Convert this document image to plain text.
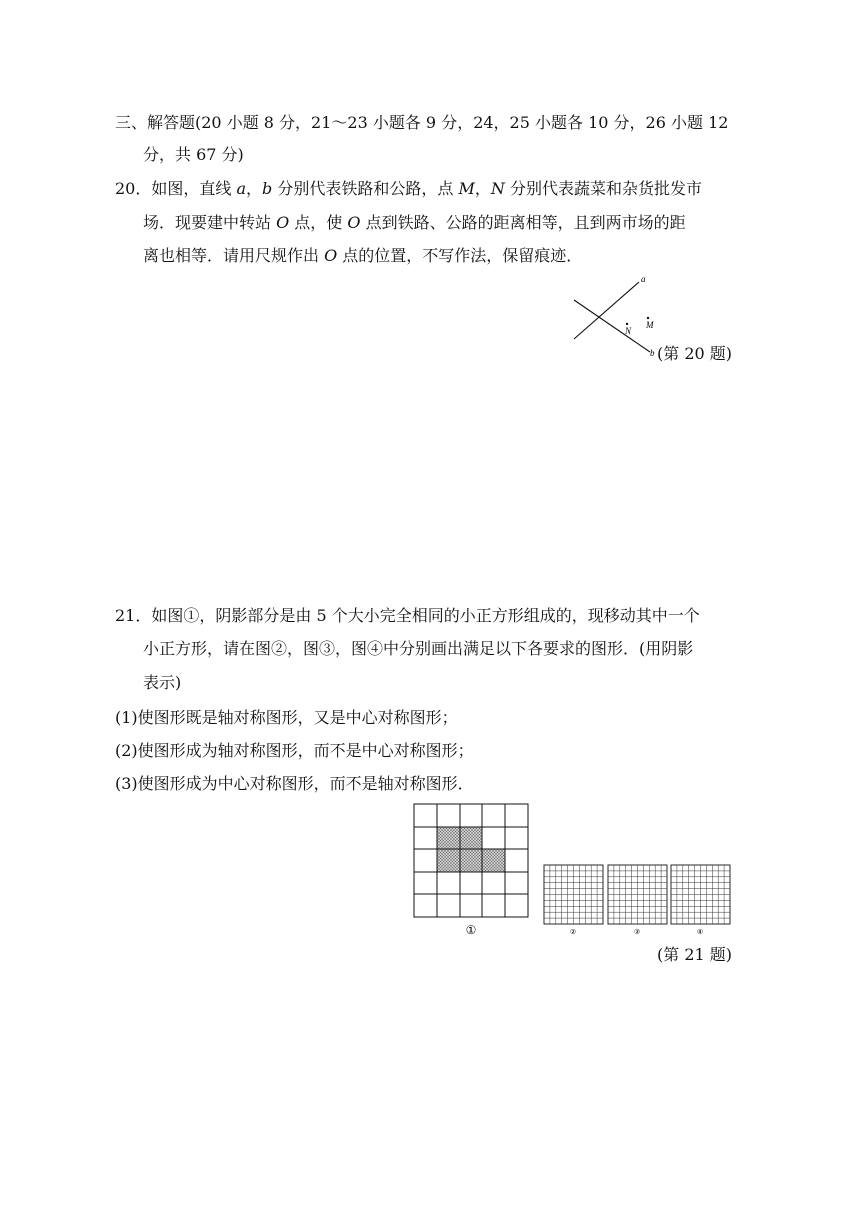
三、解答题(20 小题 8 分，21～23 小题各 9 分，24，25 小题各 10 分，26 小题 12
分，共 67 分)
20．如图，直线 a，b 分别代表铁路和公路，点 M，N 分别代表蔬菜和杂货批发市
场．现要建中转站 O 点，使 O 点到铁路、公路的距离相等，且到两市场的距
离也相等．请用尺规作出 O 点的位置，不写作法，保留痕迹．
a
b
N
M
(第 20 题)
21．如图①，阴影部分是由 5 个大小完全相同的小正方形组成的，现移动其中一个
小正方形，请在图②，图③，图④中分别画出满足以下各要求的图形．(用阴影
表示)
(1)使图形既是轴对称图形，又是中心对称图形；
(2)使图形成为轴对称图形，而不是中心对称图形；
(3)使图形成为中心对称图形，而不是轴对称图形．
①	②	③	④
(第 21 题)
